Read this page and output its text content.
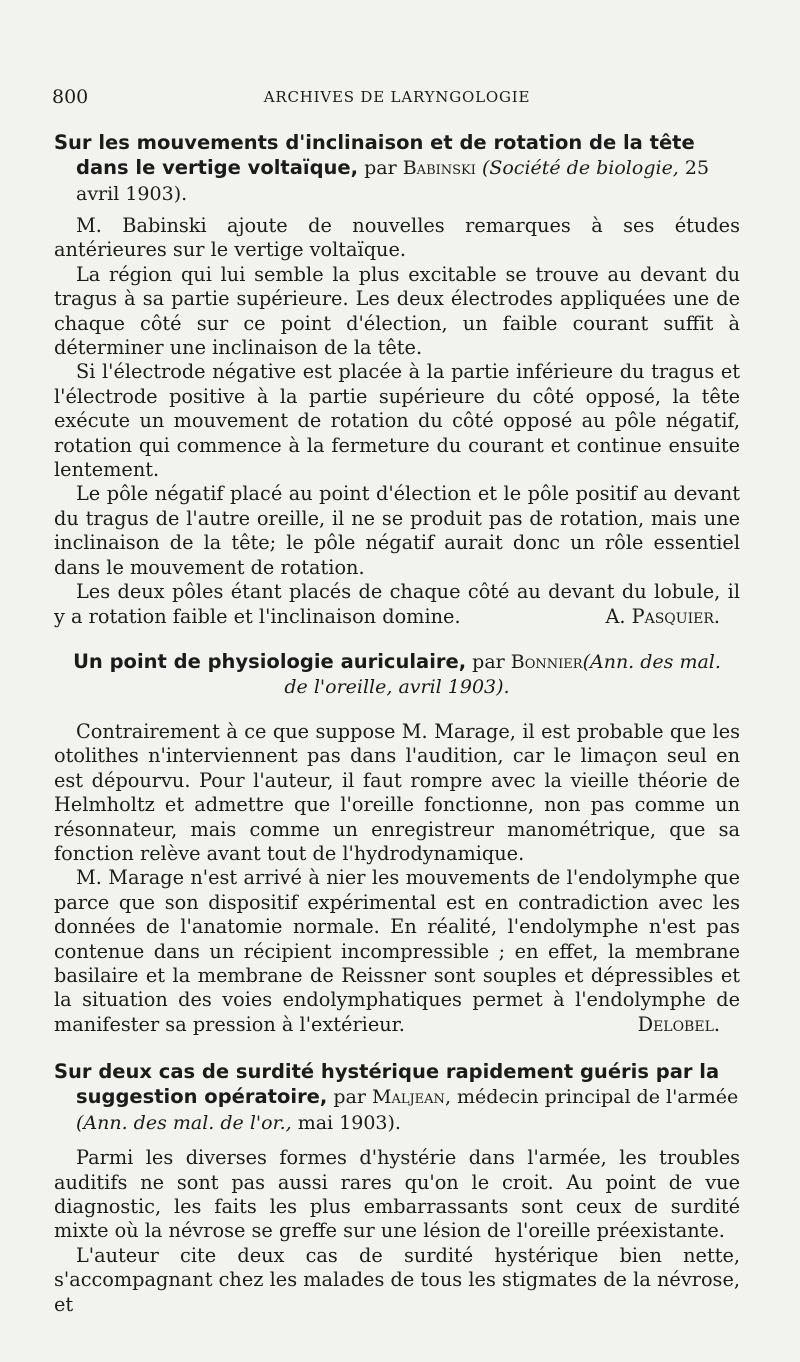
800	ARCHIVES DE LARYNGOLOGIE

Sur les mouvements d'inclinaison et de rotation de la tête dans le vertige voltaïque, par Babinski (Société de biologie, 25 avril 1903).

M. Babinski ajoute de nouvelles remarques à ses études antérieures sur le vertige voltaïque.

La région qui lui semble la plus excitable se trouve au devant du tragus à sa partie supérieure. Les deux électrodes appliquées une de chaque côté sur ce point d'élection, un faible courant suffit à déterminer une inclinaison de la tête.

Si l'électrode négative est placée à la partie inférieure du tragus et l'électrode positive à la partie supérieure du côté opposé, la tête exécute un mouvement de rotation du côté opposé au pôle négatif, rotation qui commence à la fermeture du courant et continue ensuite lentement.

Le pôle négatif placé au point d'élection et le pôle positif au devant du tragus de l'autre oreille, il ne se produit pas de rotation, mais une inclinaison de la tête; le pôle négatif aurait donc un rôle essentiel dans le mouvement de rotation.

Les deux pôles étant placés de chaque côté au devant du lobule, il y a rotation faible et l'inclinaison domine.	A. Pasquier.

Un point de physiologie auriculaire, par Bonnier(Ann. des mal.
de l'oreille, avril 1903).

Contrairement à ce que suppose M. Marage, il est probable que les otolithes n'interviennent pas dans l'audition, car le limaçon seul en est dépourvu. Pour l'auteur, il faut rompre avec la vieille théorie de Helmholtz et admettre que l'oreille fonctionne, non pas comme un résonnateur, mais comme un enregistreur manométrique, que sa fonction relève avant tout de l'hydrodynamique.

M. Marage n'est arrivé à nier les mouvements de l'endolymphe que parce que son dispositif expérimental est en contradiction avec les données de l'anatomie normale. En réalité, l'endolymphe n'est pas contenue dans un récipient incompressible ; en effet, la membrane basilaire et la membrane de Reissner sont souples et dépressibles et la situation des voies endolymphatiques permet à l'endolymphe de manifester sa pression à l'extérieur.	Delobel.

Sur deux cas de surdité hystérique rapidement guéris par la suggestion opératoire, par Maljean, médecin principal de l'armée (Ann. des mal. de l'or., mai 1903).

Parmi les diverses formes d'hystérie dans l'armée, les troubles auditifs ne sont pas aussi rares qu'on le croit. Au point de vue diagnostic, les faits les plus embarrassants sont ceux de surdité mixte où la névrose se greffe sur une lésion de l'oreille préexistante.

L'auteur cite deux cas de surdité hystérique bien nette, s'accompagnant chez les malades de tous les stigmates de la névrose, et
